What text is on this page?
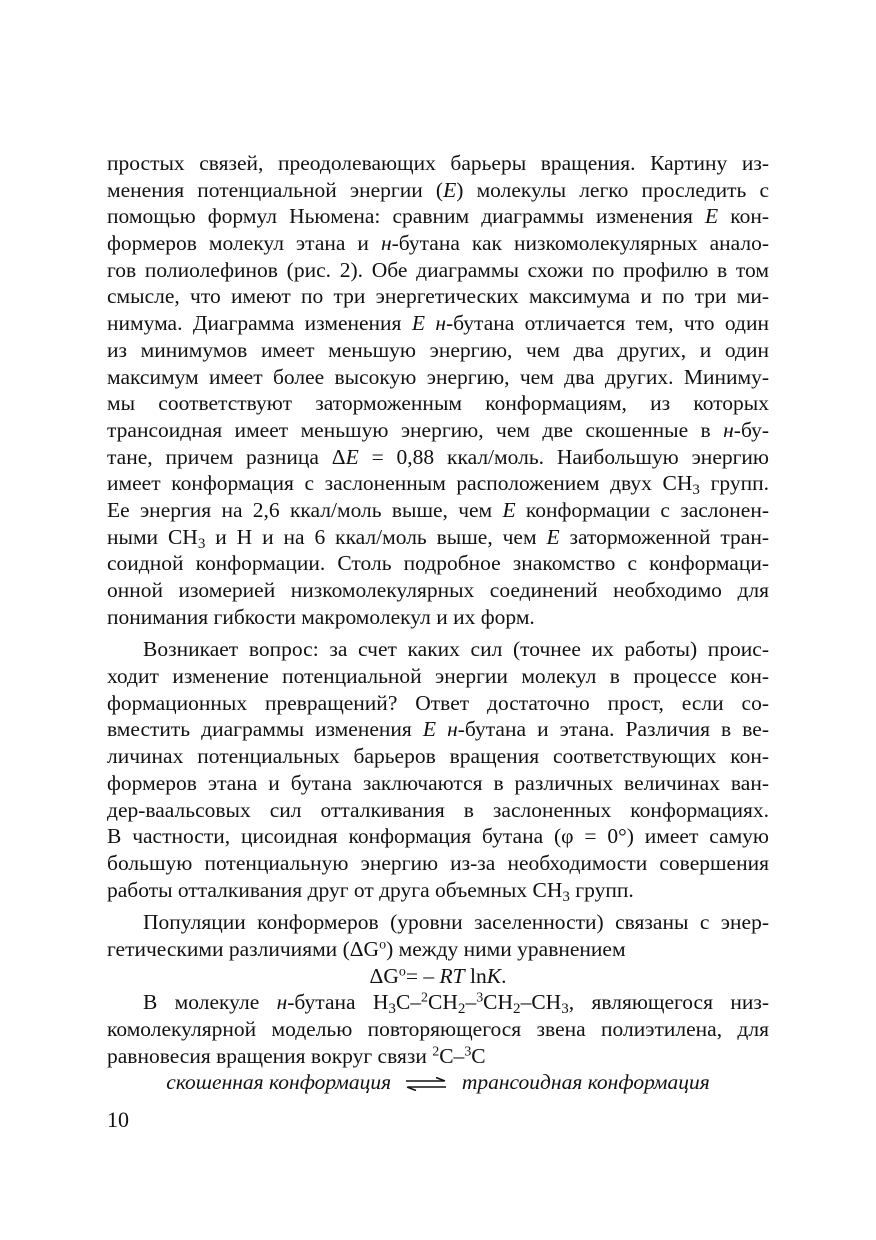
простых связей, преодолевающих барьеры вращения. Картину из-
менения потенциальной энергии (E) молекулы легко проследить с
помощью формул Ньюмена: сравним диаграммы изменения E кон-
формеров молекул этана и н-бутана как низкомолекулярных анало-
гов полиолефинов (рис. 2). Обе диаграммы схожи по профилю в том
смысле, что имеют по три энергетических максимума и по три ми-
нимума. Диаграмма изменения E н-бутана отличается тем, что один
из минимумов имеет меньшую энергию, чем два других, и один
максимум имеет более высокую энергию, чем два других. Миниму-
мы соответствуют заторможенным конформациям, из которых
трансоидная имеет меньшую энергию, чем две скошенные в н-бу-
тане, причем разница ΔE = 0,88 ккал/моль. Наибольшую энергию
имеет конформация с заслоненным расположением двух $CH_3$ групп.
Ее энергия на 2,6 ккал/моль выше, чем E конформации с заслонен-
ными $CH_3$ и H и на 6 ккал/моль выше, чем E заторможенной тран-
соидной конформации. Столь подробное знакомство с конформаци-
онной изомерией низкомолекулярных соединений необходимо для
понимания гибкости макромолекул и их форм.
Возникает вопрос: за счет каких сил (точнее их работы) проис-
ходит изменение потенциальной энергии молекул в процессе кон-
формационных превращений? Ответ достаточно прост, если со-
вместить диаграммы изменения E н-бутана и этана. Различия в ве-
личинах потенциальных барьеров вращения соответствующих кон-
формеров этана и бутана заключаются в различных величинах ван-
дер-ваальсовых сил отталкивания в заслоненных конформациях.
В частности, цисоидная конформация бутана (φ = 0°) имеет самую
большую потенциальную энергию из-за необходимости совершения
работы отталкивания друг от друга объемных $CH_3$ групп.
Популяции конформеров (уровни заселенности) связаны с энер-
гетическими различиями $(\Delta G^o)$ между ними уравнением
$\Delta G^o=$ – RT lnK.
В молекуле н-бутана $H_3C-^2CH_2-^3CH_2-CH_3$, являющегося низ-
комолекулярной моделью повторяющегося звена полиэтилена, для
равновесия вращения вокруг связи $^2$C–$^3$C
скошенная конформация ⇌ трансоидная конформация
10
